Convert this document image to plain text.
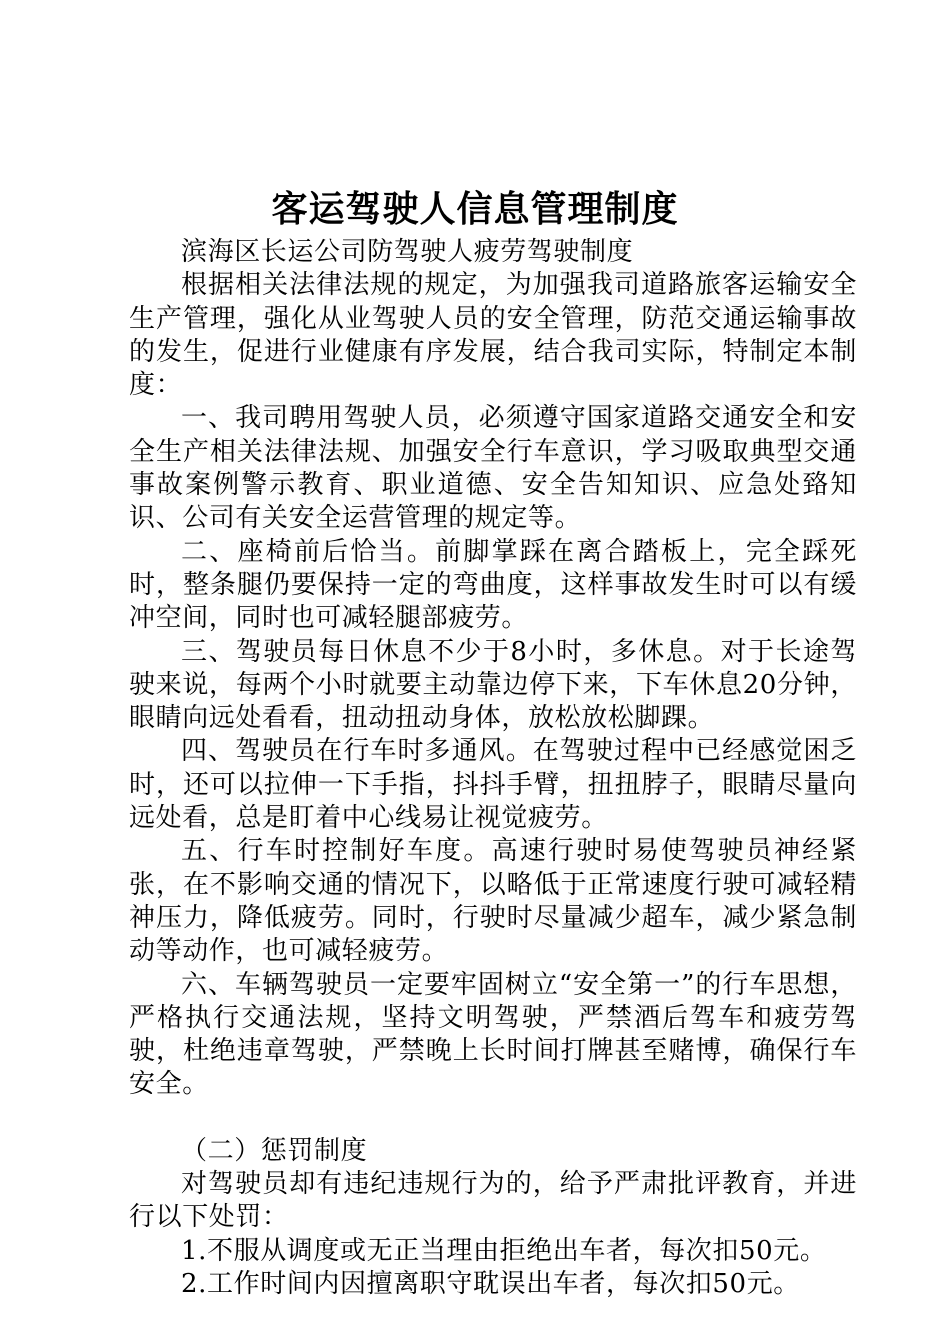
客运驾驶人信息管理制度

滨海区长运公司防驾驶人疲劳驾驶制度

根据相关法律法规的规定，为加强我司道路旅客运输安全生产管理，强化从业驾驶人员的安全管理，防范交通运输事故的发生，促进行业健康有序发展，结合我司实际，特制定本制度：

一、我司聘用驾驶人员，必须遵守国家道路交通安全和安全生产相关法律法规、加强安全行车意识，学习吸取典型交通事故案例警示教育、职业道德、安全告知知识、应急处臵知识、公司有关安全运营管理的规定等。

二、座椅前后恰当。前脚掌踩在离合踏板上，完全踩死时，整条腿仍要保持一定的弯曲度，这样事故发生时可以有缓冲空间，同时也可减轻腿部疲劳。

三、驾驶员每日休息不少于8小时，多休息。对于长途驾驶来说，每两个小时就要主动靠边停下来，下车休息20分钟，眼睛向远处看看，扭动扭动身体，放松放松脚踝。

四、驾驶员在行车时多通风。在驾驶过程中已经感觉困乏时，还可以拉伸一下手指，抖抖手臂，扭扭脖子，眼睛尽量向远处看，总是盯着中心线易让视觉疲劳。

五、行车时控制好车度。高速行驶时易使驾驶员神经紧张，在不影响交通的情况下，以略低于正常速度行驶可减轻精神压力，降低疲劳。同时，行驶时尽量减少超车，减少紧急制动等动作，也可减轻疲劳。

六、车辆驾驶员一定要牢固树立“安全第一”的行车思想，严格执行交通法规，坚持文明驾驶，严禁酒后驾车和疲劳驾驶，杜绝违章驾驶，严禁晚上长时间打牌甚至赌博，确保行车安全。

（二）惩罚制度

对驾驶员却有违纪违规行为的，给予严肃批评教育，并进行以下处罚：

1.不服从调度或无正当理由拒绝出车者，每次扣50元。

2.工作时间内因擅离职守耽误出车者，每次扣50元。
